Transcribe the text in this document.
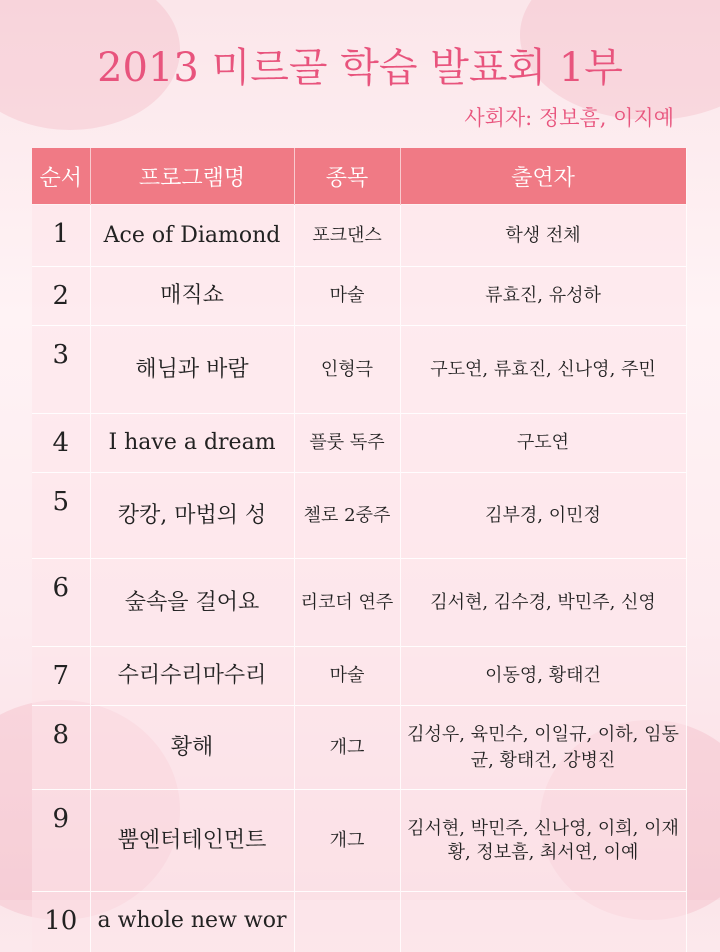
2013 미르골 학습 발표회 1부
사회자: 정보흠, 이지예
순서	프로그램명	종목	출연자
1	Ace of Diamond	포크댄스	학생 전체
2	매직쇼	마술	류효진, 유성하
3	해님과 바람	인형극	구도연, 류효진, 신나영, 주민
4	I have a dream	플룻 독주	구도연
5	캉캉, 마법의 성	첼로 2중주	김부경, 이민정
6	숲속을 걸어요	리코더 연주	김서현, 김수경, 박민주, 신영
7	수리수리마수리	마술	이동영, 황태건
8	황해	개그	김성우, 육민수, 이일규, 이하, 임동균, 황태건, 강병진
9	뿜엔터테인먼트	개그	김서현, 박민주, 신나영, 이희, 이재황, 정보흠, 최서연, 이예
10	a whole new wor		
